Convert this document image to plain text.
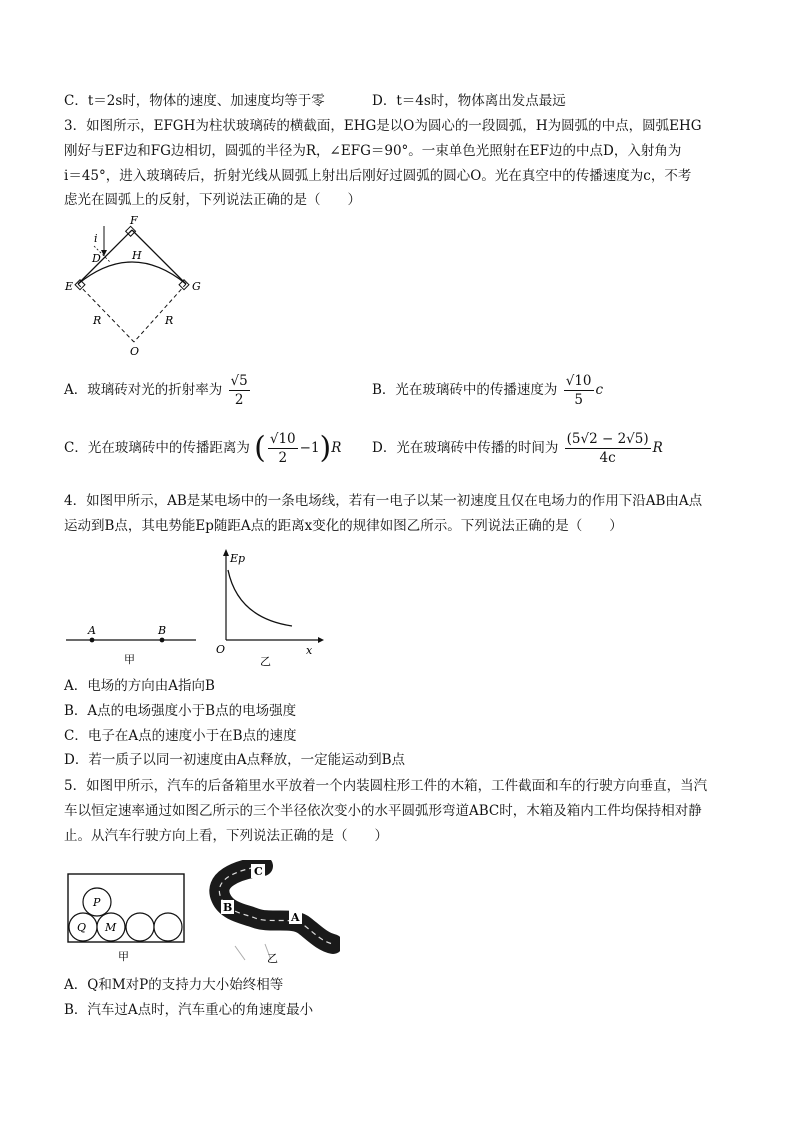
C．t＝2s时，物体的速度、加速度均等于零	D．t＝4s时，物体离出发点最远
3．如图所示，EFGH为柱状玻璃砖的横截面，EHG是以O为圆心的一段圆弧，H为圆弧的中点，圆弧EHG
刚好与EF边和FG边相切，圆弧的半径为R，∠EFG＝90°。一束单色光照射在EF边的中点D，入射角为
i＝45°，进入玻璃砖后，折射光线从圆弧上射出后刚好过圆弧的圆心O。光在真空中的传播速度为c，不考
虑光在圆弧上的反射，下列说法正确的是（　　）
i
F
D	H
E	G
R	R
O
A．玻璃砖对光的折射率为 $\frac{√5}{2}$	B．光在玻璃砖中的传播速度为 $\frac{√10}{5}$ c
C．光在玻璃砖中的传播距离为 ( $\frac{√10}{2} -1)R$ D．光在玻璃砖中传播的时间为 $\frac{(5√2 - 2√5)}{4c}$ R
4．如图甲所示，AB是某电场中的一条电场线，若有一电子以某一初速度且仅在电场力的作用下沿AB由A点
运动到B点，其电势能Ep随距A点的距离x变化的规律如图乙所示。下列说法正确的是（　　）
A	B
甲
Ep
O	x
乙
A．电场的方向由A指向B
B．A点的电场强度小于B点的电场强度
C．电子在A点的速度小于在B点的速度
D．若一质子以同一初速度由A点释放，一定能运动到B点
5．如图甲所示，汽车的后备箱里水平放着一个内装圆柱形工件的木箱，工件截面和车的行驶方向垂直，当汽
车以恒定速率通过如图乙所示的三个半径依次变小的水平圆弧形弯道ABC时，木箱及箱内工件均保持相对静
止。从汽车行驶方向上看，下列说法正确的是（　　）
P
Q M
甲
C
B
A
乙
A．Q和M对P的支持力大小始终相等
B．汽车过A点时，汽车重心的角速度最小
